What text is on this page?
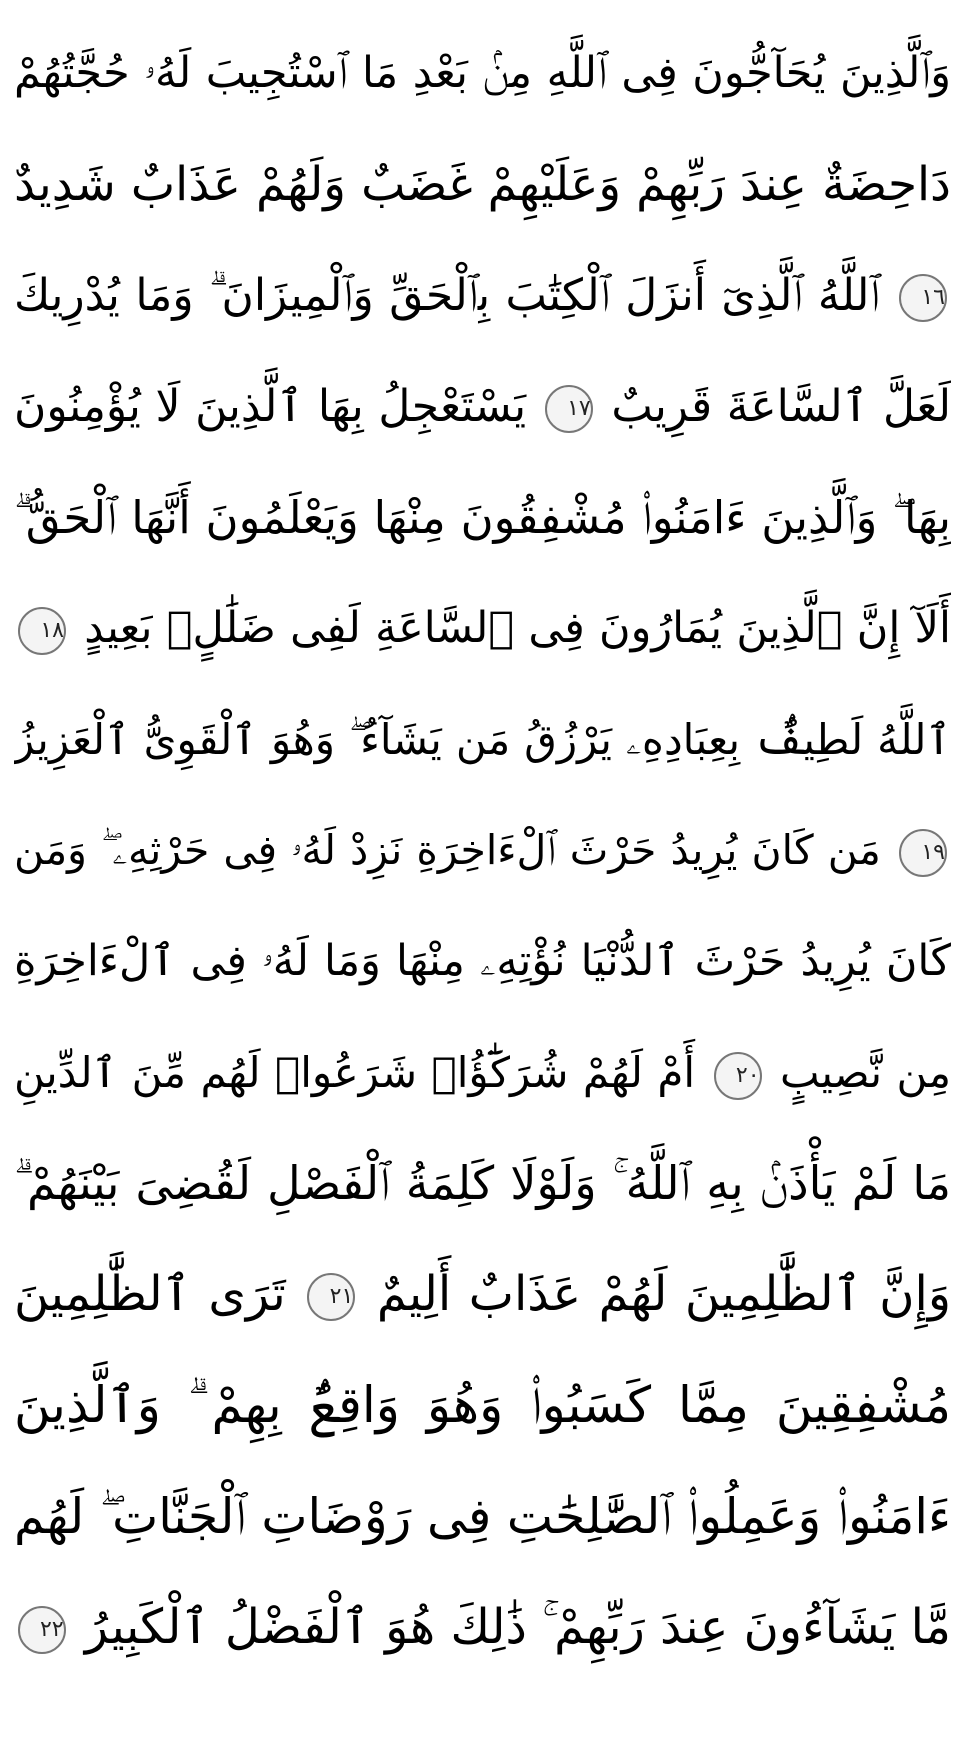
وَٱلَّذِينَ يُحَآجُّونَ فِى ٱللَّهِ مِنۢ بَعْدِ مَا ٱسْتُجِيبَ لَهُۥ حُجَّتُهُمْ
دَاحِضَةٌ عِندَ رَبِّهِمْ وَعَلَيْهِمْ غَضَبٌ وَلَهُمْ عَذَابٌ شَدِيدٌ
١٦ ٱللَّهُ ٱلَّذِىٓ أَنزَلَ ٱلْكِتَٰبَ بِٱلْحَقِّ وَٱلْمِيزَانَ ۗ وَمَا يُدْرِيكَ
لَعَلَّ ٱلسَّاعَةَ قَرِيبٌ ١٧ يَسْتَعْجِلُ بِهَا ٱلَّذِينَ لَا يُؤْمِنُونَ
بِهَا ۖ وَٱلَّذِينَ ءَامَنُوا۟ مُشْفِقُونَ مِنْهَا وَيَعْلَمُونَ أَنَّهَا ٱلْحَقُّ ۗ
أَلَآ إِنَّ ٱلَّذِينَ يُمَارُونَ فِى ٱلسَّاعَةِ لَفِى ضَلَٰلٍۭ بَعِيدٍ ١٨
ٱللَّهُ لَطِيفٌۢ بِعِبَادِهِۦ يَرْزُقُ مَن يَشَآءُ ۖ وَهُوَ ٱلْقَوِىُّ ٱلْعَزِيزُ
١٩ مَن كَانَ يُرِيدُ حَرْثَ ٱلْءَاخِرَةِ نَزِدْ لَهُۥ فِى حَرْثِهِۦ ۖ وَمَن
كَانَ يُرِيدُ حَرْثَ ٱلدُّنْيَا نُؤْتِهِۦ مِنْهَا وَمَا لَهُۥ فِى ٱلْءَاخِرَةِ
مِن نَّصِيبٍ ٢٠ أَمْ لَهُمْ شُرَكَٰٓؤُا۟ شَرَعُوا۟ لَهُم مِّنَ ٱلدِّينِ
مَا لَمْ يَأْذَنۢ بِهِ ٱللَّهُ ۚ وَلَوْلَا كَلِمَةُ ٱلْفَصْلِ لَقُضِىَ بَيْنَهُمْ ۗ
وَإِنَّ ٱلظَّٰلِمِينَ لَهُمْ عَذَابٌ أَلِيمٌ ٢١ تَرَى ٱلظَّٰلِمِينَ
مُشْفِقِينَ مِمَّا كَسَبُوا۟ وَهُوَ وَاقِعٌۢ بِهِمْ ۗ وَٱلَّذِينَ
ءَامَنُوا۟ وَعَمِلُوا۟ ٱلصَّٰلِحَٰتِ فِى رَوْضَاتِ ٱلْجَنَّاتِ ۖ لَهُم
مَّا يَشَآءُونَ عِندَ رَبِّهِمْ ۚ ذَٰلِكَ هُوَ ٱلْفَضْلُ ٱلْكَبِيرُ ٢٢
